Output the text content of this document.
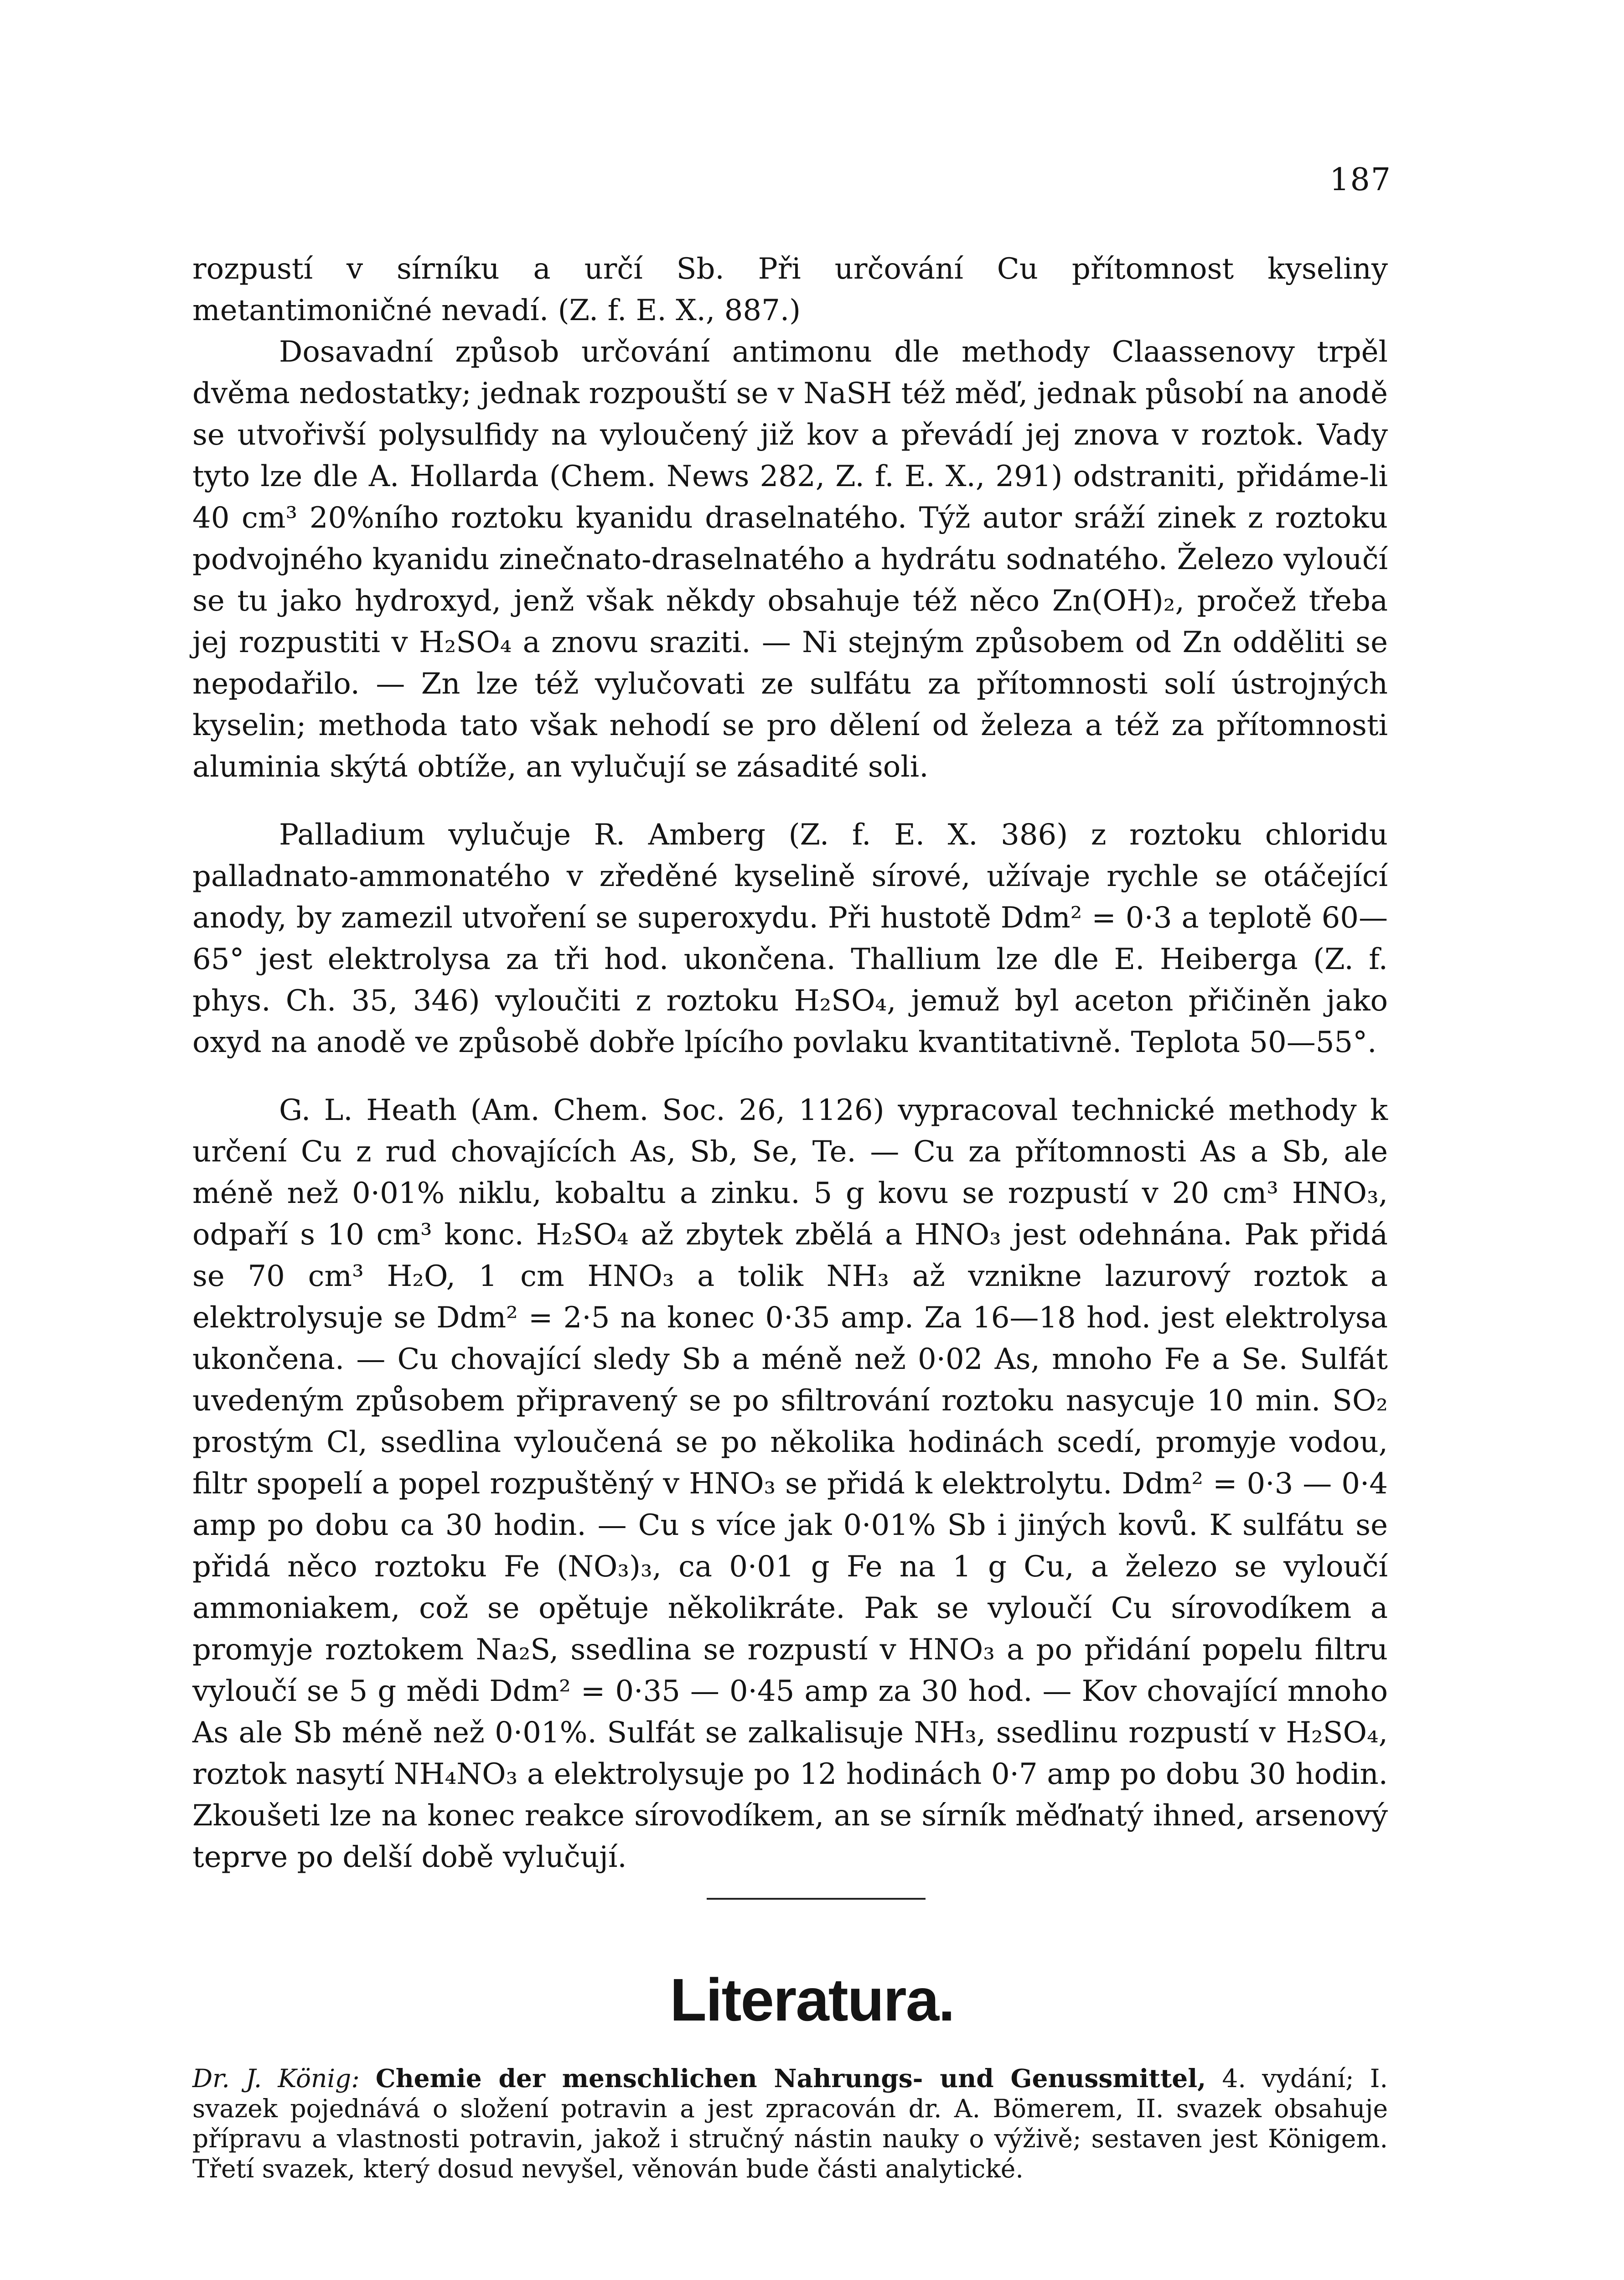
187

rozpustí v sírníku a určí Sb. Při určování Cu přítomnost kyseliny metantimoničné nevadí. (Z. f. E. X., 887.)

Dosavadní způsob určování antimonu dle methody Claassenovy trpěl dvěma nedostatky; jednak rozpouští se v NaSH též měď, jednak působí na anodě se utvořivší polysulfidy na vyloučený již kov a převádí jej znova v roztok. Vady tyto lze dle A. Hollarda (Chem. News 282, Z. f. E. X., 291) odstraniti, přidáme-li 40 cm³ 20%ního roztoku kyanidu draselnatého. Týž autor sráží zinek z roztoku podvojného kyanidu zinečnato-draselnatého a hydrátu sodnatého. Železo vyloučí se tu jako hydroxyd, jenž však někdy obsahuje též něco Zn(OH)₂, pročež třeba jej rozpustiti v H₂SO₄ a znovu sraziti. — Ni stejným způsobem od Zn odděliti se nepodařilo. — Zn lze též vylučovati ze sulfátu za přítomnosti solí ústrojných kyselin; methoda tato však nehodí se pro dělení od železa a též za přítomnosti aluminia skýtá obtíže, an vylučují se zásadité soli.

Palladium vylučuje R. Amberg (Z. f. E. X. 386) z roztoku chloridu palladnato-ammonatého v zředěné kyselině sírové, užívaje rychle se otáčející anody, by zamezil utvoření se superoxydu. Při hustotě Ddm² = 0·3 a teplotě 60—65° jest elektrolysa za tři hod. ukončena. Thallium lze dle E. Heiberga (Z. f. phys. Ch. 35, 346) vyloučiti z roztoku H₂SO₄, jemuž byl aceton přičiněn jako oxyd na anodě ve způsobě dobře lpícího povlaku kvantitativně. Teplota 50—55°.

G. L. Heath (Am. Chem. Soc. 26, 1126) vypracoval technické methody k určení Cu z rud chovajících As, Sb, Se, Te. — Cu za přítomnosti As a Sb, ale méně než 0·01% niklu, kobaltu a zinku. 5 g kovu se rozpustí v 20 cm³ HNO₃, odpaří s 10 cm³ konc. H₂SO₄ až zbytek zbělá a HNO₃ jest odehnána. Pak přidá se 70 cm³ H₂O, 1 cm HNO₃ a tolik NH₃ až vznikne lazurový roztok a elektrolysuje se Ddm² = 2·5 na konec 0·35 amp. Za 16—18 hod. jest elektrolysa ukončena. — Cu chovající sledy Sb a méně než 0·02 As, mnoho Fe a Se. Sulfát uvedeným způsobem připravený se po sfiltrování roztoku nasycuje 10 min. SO₂ prostým Cl, ssedlina vyloučená se po několika hodinách scedí, promyje vodou, filtr spopelí a popel rozpuštěný v HNO₃ se přidá k elektrolytu. Ddm² = 0·3 — 0·4 amp po dobu ca 30 hodin. — Cu s více jak 0·01% Sb i jiných kovů. K sulfátu se přidá něco roztoku Fe (NO₃)₃, ca 0·01 g Fe na 1 g Cu, a železo se vyloučí ammoniakem, což se opětuje několikráte. Pak se vyloučí Cu sírovodíkem a promyje roztokem Na₂S, ssedlina se rozpustí v HNO₃ a po přidání popelu filtru vyloučí se 5 g mědi Ddm² = 0·35 — 0·45 amp za 30 hod. — Kov chovající mnoho As ale Sb méně než 0·01%. Sulfát se zalkalisuje NH₃, ssedlinu rozpustí v H₂SO₄, roztok nasytí NH₄NO₃ a elektrolysuje po 12 hodinách 0·7 amp po dobu 30 hodin. Zkoušeti lze na konec reakce sírovodíkem, an se sírník měďnatý ihned, arsenový teprve po delší době vylučují.

Literatura.

Dr. J. König: Chemie der menschlichen Nahrungs- und Genussmittel, 4. vydání; I. svazek pojednává o složení potravin a jest zpracován dr. A. Bömerem, II. svazek obsahuje přípravu a vlastnosti potravin, jakož i stručný nástin nauky o výživě; sestaven jest Königem. Třetí svazek, který dosud nevyšel, věnován bude části analytické.
